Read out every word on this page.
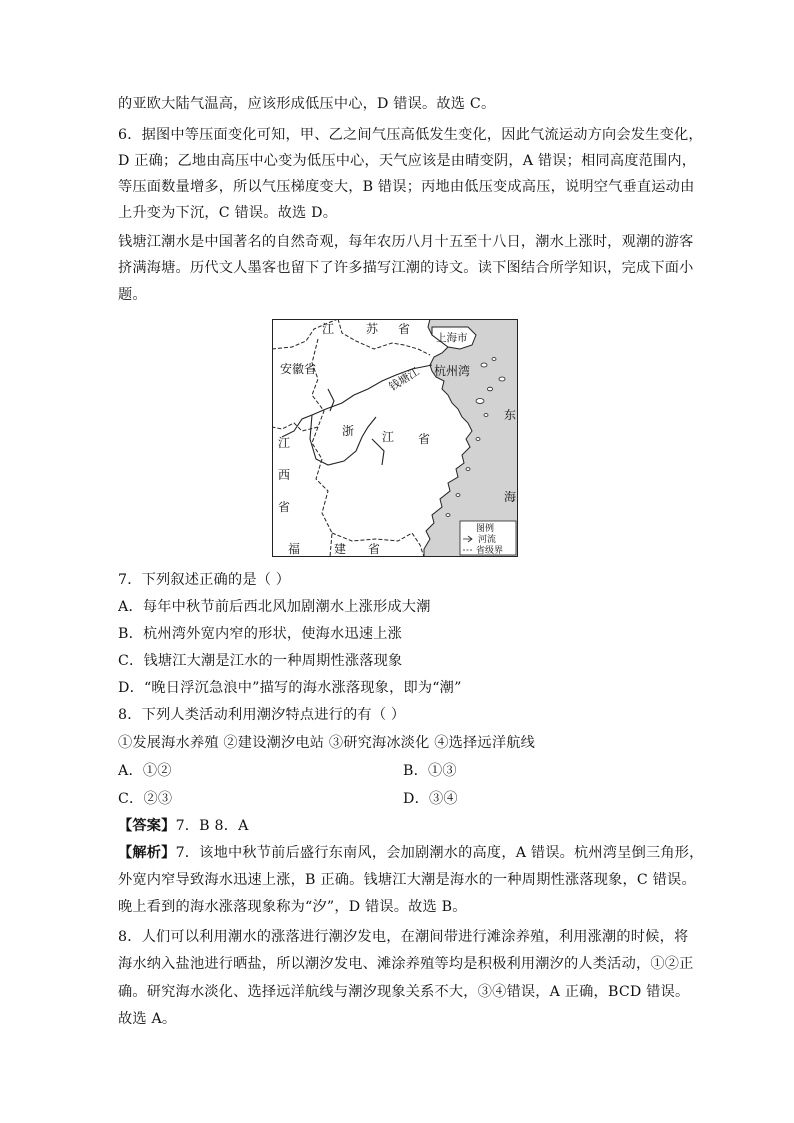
的亚欧大陆气温高，应该形成低压中心，D 错误。故选 C。
6．据图中等压面变化可知，甲、乙之间气压高低发生变化，因此气流运动方向会发生变化，
D 正确；乙地由高压中心变为低压中心，天气应该是由晴变阴，A 错误；相同高度范围内，
等压面数量增多，所以气压梯度变大，B 错误；丙地由低压变成高压，说明空气垂直运动由
上升变为下沉，C 错误。故选 D。
钱塘江潮水是中国著名的自然奇观，每年农历八月十五至十八日，潮水上涨时，观潮的游客
挤满海塘。历代文人墨客也留下了许多描写江潮的诗文。读下图结合所学知识，完成下面小
题。
江	苏 省
上海市
安徽省	杭州湾
钱塘江
浙 江 省
江
西
省
福	建 省
东
海
图例
河流
省级界
7．下列叙述正确的是（ ）
A．每年中秋节前后西北风加剧潮水上涨形成大潮
B．杭州湾外宽内窄的形状，使海水迅速上涨
C．钱塘江大潮是江水的一种周期性涨落现象
D．“晚日浮沉急浪中”描写的海水涨落现象，即为“潮”
8．下列人类活动利用潮汐特点进行的有（ ）
①发展海水养殖 ②建设潮汐电站 ③研究海冰淡化 ④选择远洋航线
A．①②	B．①③
C．②③	D．③④
【答案】7．B 8．A
【解析】7．该地中秋节前后盛行东南风，会加剧潮水的高度，A 错误。杭州湾呈倒三角形，
外宽内窄导致海水迅速上涨，B 正确。钱塘江大潮是海水的一种周期性涨落现象，C 错误。
晚上看到的海水涨落现象称为“汐”，D 错误。故选 B。
8．人们可以利用潮水的涨落进行潮汐发电，在潮间带进行滩涂养殖，利用涨潮的时候，将
海水纳入盐池进行晒盐，所以潮汐发电、滩涂养殖等均是积极利用潮汐的人类活动，①②正
确。研究海水淡化、选择远洋航线与潮汐现象关系不大，③④错误，A 正确，BCD 错误。
故选 A。
